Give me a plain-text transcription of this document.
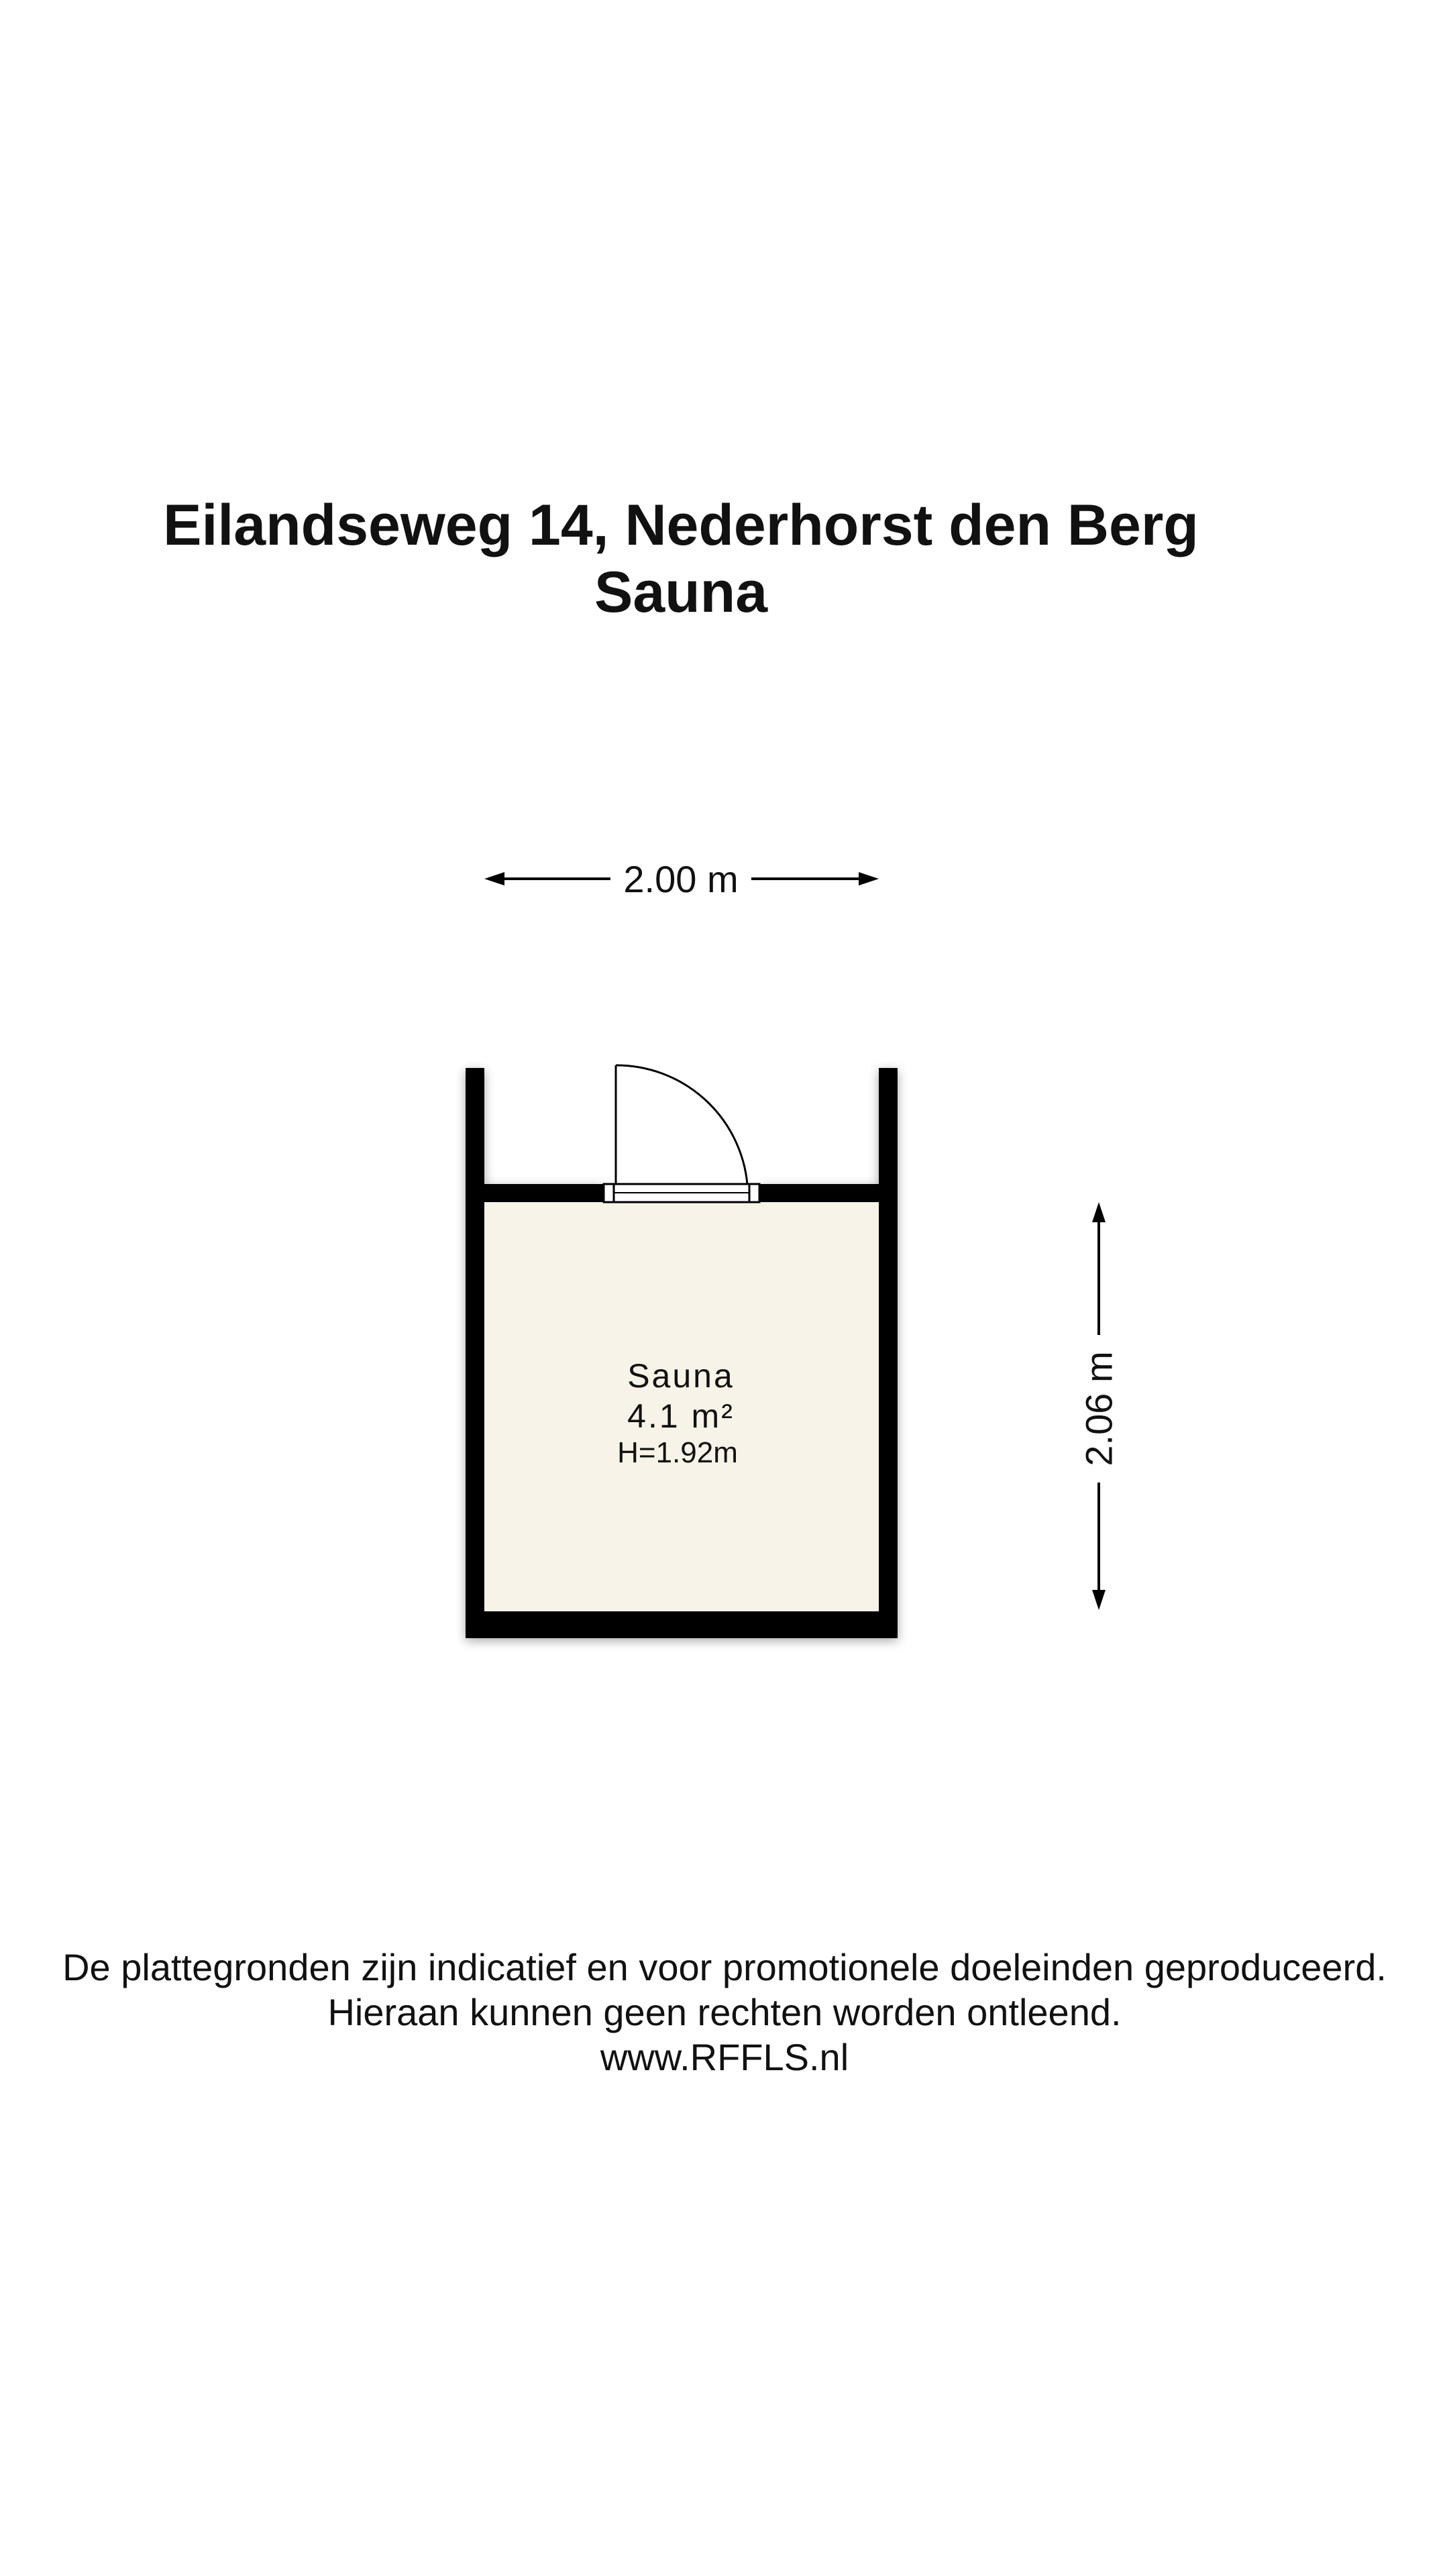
Eilandseweg 14, Nederhorst den Berg
Sauna
2.00 m
2.06 m
Sauna
4.1 m²
H=1.92m
De plattegronden zijn indicatief en voor promotionele doeleinden geproduceerd.
Hieraan kunnen geen rechten worden ontleend.
www.RFFLS.nl
